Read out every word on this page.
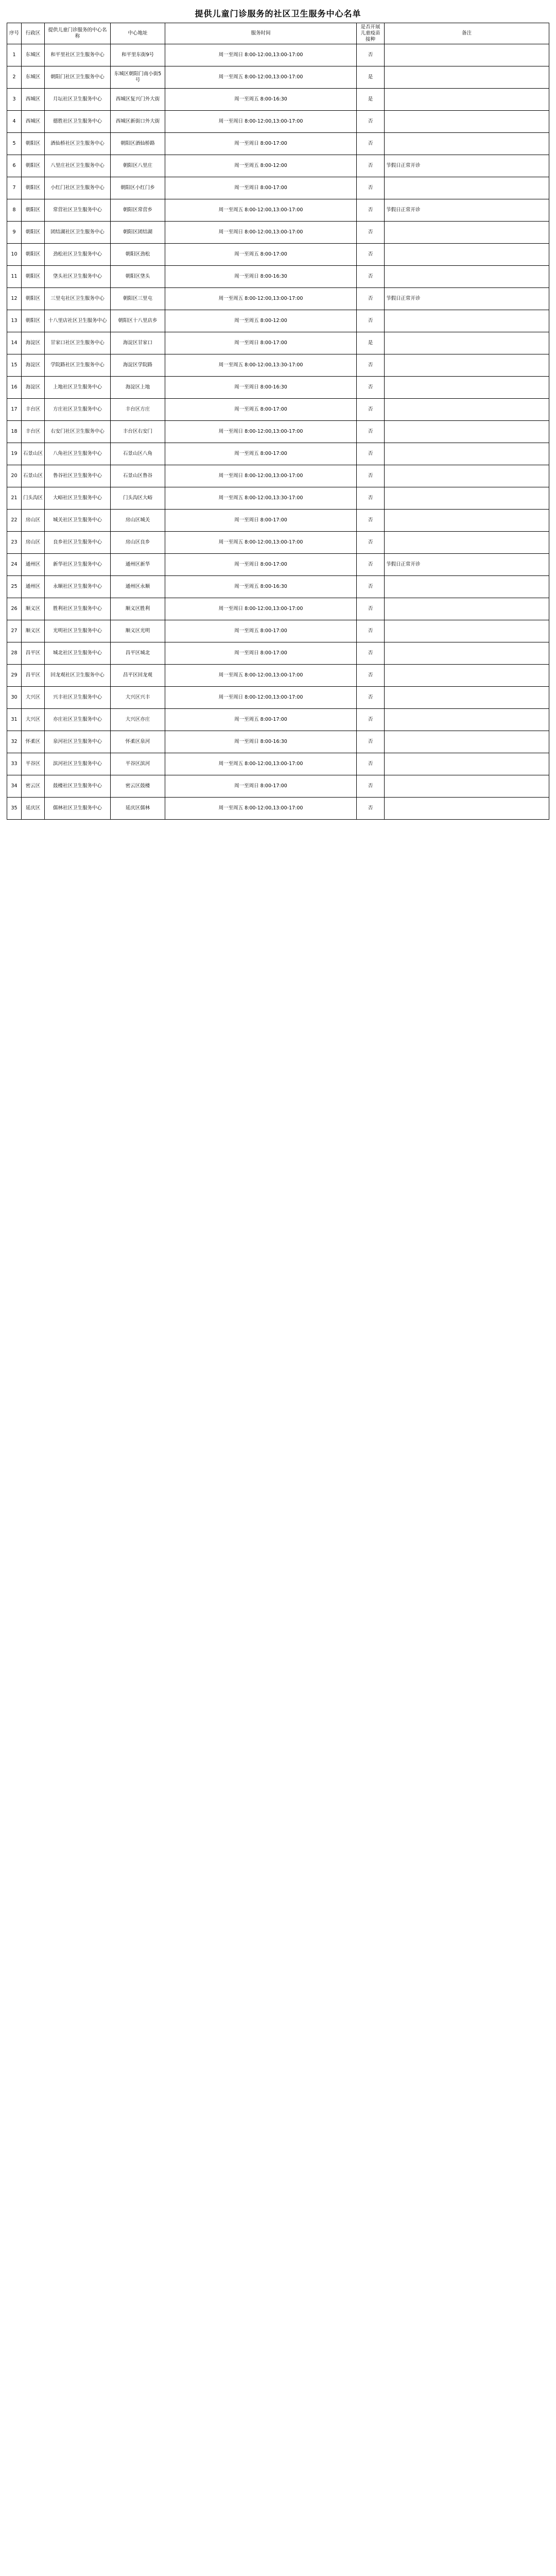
提供儿童门诊服务的社区卫生服务中心名单
序号	行政区	提供儿童门诊服务的中心名称	中心地址	服务时间	是否开展儿童疫苗接种	备注
1	东城区	和平里社区卫生服务中心	和平里东街9号	周一至周日 8:00-12:00,13:00-17:00	否	
2	东城区	朝阳门社区卫生服务中心	东城区朝阳门南小街5号	周一至周五 8:00-12:00,13:00-17:00	是	
3	西城区	月坛社区卫生服务中心	西城区复兴门外大街	周一至周五 8:00-16:30	是	
4	西城区	德胜社区卫生服务中心	西城区新街口外大街	周一至周日 8:00-12:00,13:00-17:00	否	
5	朝阳区	酒仙桥社区卫生服务中心	朝阳区酒仙桥路	周一至周日 8:00-17:00	否	
6	朝阳区	八里庄社区卫生服务中心	朝阳区八里庄	周一至周五 8:00-12:00	否	节假日正常开诊
7	朝阳区	小红门社区卫生服务中心	朝阳区小红门乡	周一至周日 8:00-17:00	否	
8	朝阳区	常营社区卫生服务中心	朝阳区常营乡	周一至周五 8:00-12:00,13:00-17:00	否	节假日正常开诊
9	朝阳区	团结湖社区卫生服务中心	朝阳区团结湖	周一至周日 8:00-12:00,13:00-17:00	否	
10	朝阳区	劲松社区卫生服务中心	朝阳区劲松	周一至周五 8:00-17:00	否	
11	朝阳区	垡头社区卫生服务中心	朝阳区垡头	周一至周日 8:00-16:30	否	
12	朝阳区	三里屯社区卫生服务中心	朝阳区三里屯	周一至周五 8:00-12:00,13:00-17:00	否	节假日正常开诊
13	朝阳区	十八里店社区卫生服务中心	朝阳区十八里店乡	周一至周五 8:00-12:00	否	
14	海淀区	甘家口社区卫生服务中心	海淀区甘家口	周一至周日 8:00-17:00	是	
15	海淀区	学院路社区卫生服务中心	海淀区学院路	周一至周五 8:00-12:00,13:30-17:00	否	
16	海淀区	上地社区卫生服务中心	海淀区上地	周一至周日 8:00-16:30	否	
17	丰台区	方庄社区卫生服务中心	丰台区方庄	周一至周五 8:00-17:00	否	
18	丰台区	右安门社区卫生服务中心	丰台区右安门	周一至周日 8:00-12:00,13:00-17:00	否	
19	石景山区	八角社区卫生服务中心	石景山区八角	周一至周五 8:00-17:00	否	
20	石景山区	鲁谷社区卫生服务中心	石景山区鲁谷	周一至周日 8:00-12:00,13:00-17:00	否	
21	门头沟区	大峪社区卫生服务中心	门头沟区大峪	周一至周五 8:00-12:00,13:30-17:00	否	
22	房山区	城关社区卫生服务中心	房山区城关	周一至周日 8:00-17:00	否	
23	房山区	良乡社区卫生服务中心	房山区良乡	周一至周五 8:00-12:00,13:00-17:00	否	
24	通州区	新华社区卫生服务中心	通州区新华	周一至周日 8:00-17:00	否	节假日正常开诊
25	通州区	永顺社区卫生服务中心	通州区永顺	周一至周五 8:00-16:30	否	
26	顺义区	胜利社区卫生服务中心	顺义区胜利	周一至周日 8:00-12:00,13:00-17:00	否	
27	顺义区	光明社区卫生服务中心	顺义区光明	周一至周五 8:00-17:00	否	
28	昌平区	城北社区卫生服务中心	昌平区城北	周一至周日 8:00-17:00	否	
29	昌平区	回龙观社区卫生服务中心	昌平区回龙观	周一至周五 8:00-12:00,13:00-17:00	否	
30	大兴区	兴丰社区卫生服务中心	大兴区兴丰	周一至周日 8:00-12:00,13:00-17:00	否	
31	大兴区	亦庄社区卫生服务中心	大兴区亦庄	周一至周五 8:00-17:00	否	
32	怀柔区	泉河社区卫生服务中心	怀柔区泉河	周一至周日 8:00-16:30	否	
33	平谷区	滨河社区卫生服务中心	平谷区滨河	周一至周五 8:00-12:00,13:00-17:00	否	
34	密云区	鼓楼社区卫生服务中心	密云区鼓楼	周一至周日 8:00-17:00	否	
35	延庆区	儒林社区卫生服务中心	延庆区儒林	周一至周五 8:00-12:00,13:00-17:00	否	
